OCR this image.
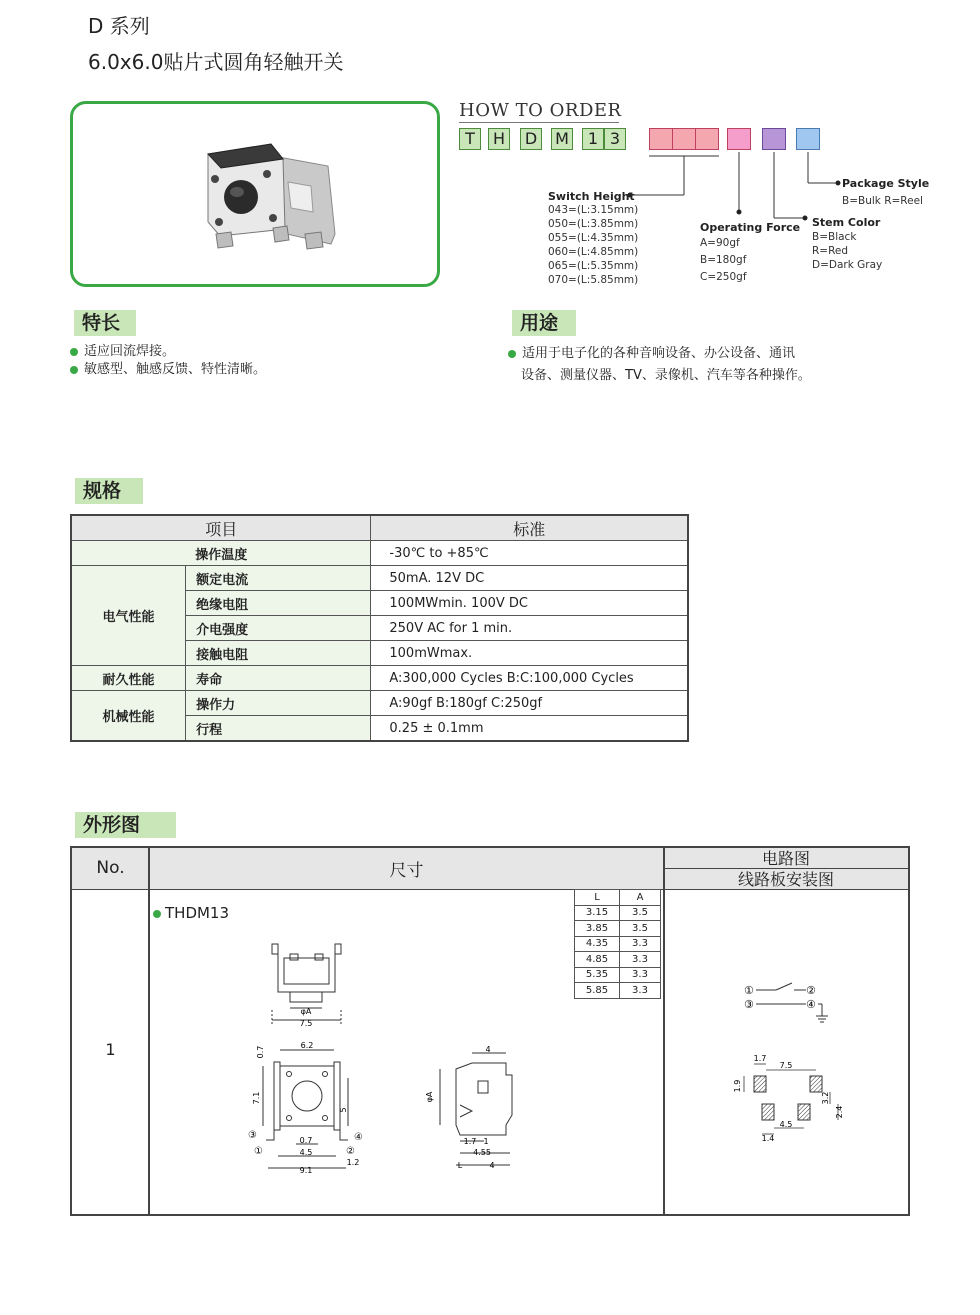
D 系列
6.0x6.0贴片式圆角轻触开关
HOW TO ORDER
T	H	D	M	1 3
Switch Height
043=(L:3.15mm)
050=(L:3.85mm)
055=(L:4.35mm)
060=(L:4.85mm)
065=(L:5.35mm)
070=(L:5.85mm)
Operating Force
A=90gf
B=180gf
C=250gf
Stem Color
B=Black
R=Red
D=Dark Gray
Package Style
B=Bulk R=Reel
特长
适应回流焊接。
敏感型、触感反馈、特性清晰。
用途
适用于电子化的各种音响设备、办公设备、通讯
设备、测量仪器、TV、录像机、汽车等各种操作。
规格
项目		标准
操作温度		-30℃ to +85℃
电气性能	额定电流	50mA. 12V DC
	绝缘电阻	100MWmin. 100V DC
	介电强度	250V AC for 1 min.
	接触电阻	100mWmax.
耐久性能	寿命	A:300,000 Cycles B:C:100,000 Cycles
机械性能	操作力	A:90gf B:180gf C:250gf
	行程	0.25 ± 0.1mm
外形图
No.	尺寸
电路图
线路板安装图
1
THDM13
L	A
3.15	3.5
3.85	3.5
4.35	3.3
4.85	3.3
5.35	3.3
5.85	3.3
φA
7.5
6.2
0.7
7.1
5
0.7
4.5
9.1
1.2
③
①
④
②
4
φA
1.7 1
4.55
L	4
①	②
③	④
1.7
7.5
1.9
3.2
2.4
4.5
1.4
